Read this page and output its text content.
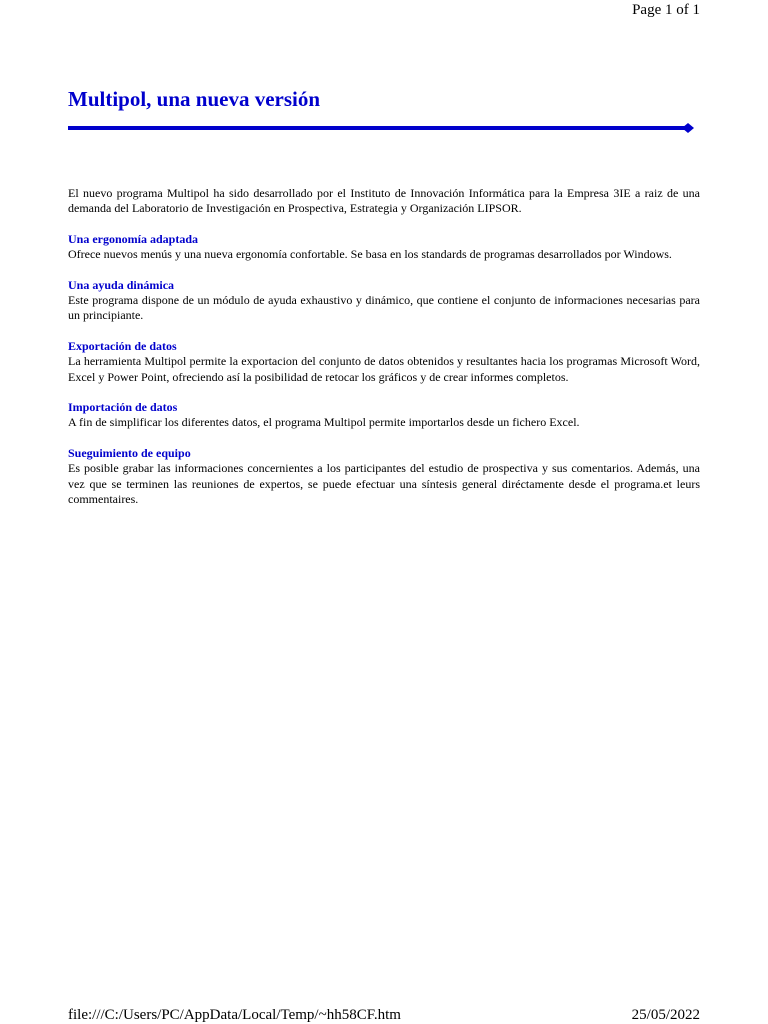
Page 1 of 1
Multipol, una nueva versión

El nuevo programa Multipol ha sido desarrollado por el Instituto de Innovación Informática para la Empresa 3IE a raiz de una demanda del Laboratorio de Investigación en Prospectiva, Estrategia y Organización LIPSOR.

Una ergonomía adaptada

Ofrece nuevos menús y una nueva ergonomía confortable. Se basa en los standards de programas desarrollados por Windows.

Una ayuda dinámica

Este programa dispone de un módulo de ayuda exhaustivo y dinámico, que contiene el conjunto de informaciones necesarias para un principiante.

Exportación de datos

La herramienta Multipol permite la exportacion del conjunto de datos obtenidos y resultantes hacia los programas Microsoft Word, Excel y Power Point, ofreciendo así la posibilidad de retocar los gráficos y de crear informes completos.

Importación de datos

A fin de simplificar los diferentes datos, el programa Multipol permite importarlos desde un fichero Excel.

Sueguimiento de equipo

Es posible grabar las informaciones concernientes a los participantes del estudio de prospectiva y sus comentarios. Además, una vez que se terminen las reuniones de expertos, se puede efectuar una síntesis general diréctamente desde el programa.et leurs commentaires.

file:///C:/Users/PC/AppData/Local/Temp/~hh58CF.htm	25/05/2022
